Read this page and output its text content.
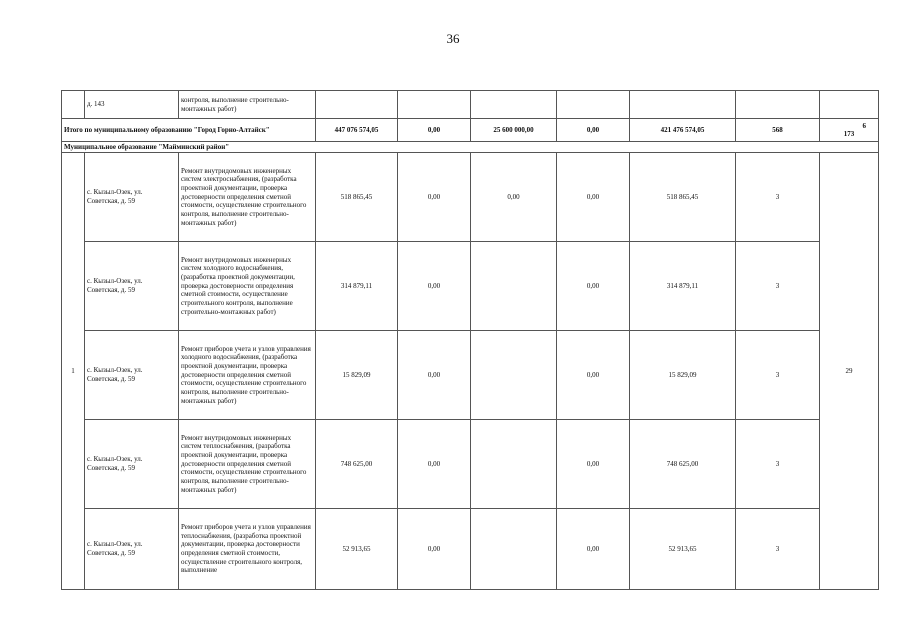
36
	д. 143	контроля, выполнение строительно-монтажных работ)							
Итого по муниципальному образованию "Город Горно-Алтайск"			447 076 574,05	0,00	25 600 000,00	0,00	421 476 574,05	568	6
173

Муниципальное образование "Майминский район"									
1	с. Кызыл-Озек, ул. Советская, д. 59	Ремонт внутридомовых инженерных систем электроснабжения, (разработка проектной документации, проверка достоверности определения сметной стоимости, осуществление строительного контроля, выполнение строительно-монтажных работ)	518 865,45	0,00	0,00	0,00	518 865,45	3	29
	с. Кызыл-Озек, ул. Советская, д. 59	Ремонт внутридомовых инженерных систем холодного водоснабжения, (разработка проектной документации, проверка достоверности определения сметной стоимости, осуществление строительного контроля, выполнение строительно-монтажных работ)	314 879,11	0,00		0,00	314 879,11	3	
	с. Кызыл-Озек, ул. Советская, д. 59	Ремонт приборов учета и узлов управления холодного водоснабжения, (разработка проектной документации, проверка достоверности определения сметной стоимости, осуществление строительного контроля, выполнение строительно-монтажных работ)	15 829,09	0,00		0,00	15 829,09	3	
	с. Кызыл-Озек, ул. Советская, д. 59	Ремонт внутридомовых инженерных систем теплоснабжения, (разработка проектной документации, проверка достоверности определения сметной стоимости, осуществление строительного контроля, выполнение строительно-монтажных работ)	748 625,00	0,00		0,00	748 625,00	3	
	с. Кызыл-Озек, ул. Советская, д. 59	Ремонт приборов учета и узлов управления теплоснабжения, (разработка проектной документации, проверка достоверности определения сметной стоимости, осуществление строительного контроля, выполнение	52 913,65	0,00		0,00	52 913,65	3	
